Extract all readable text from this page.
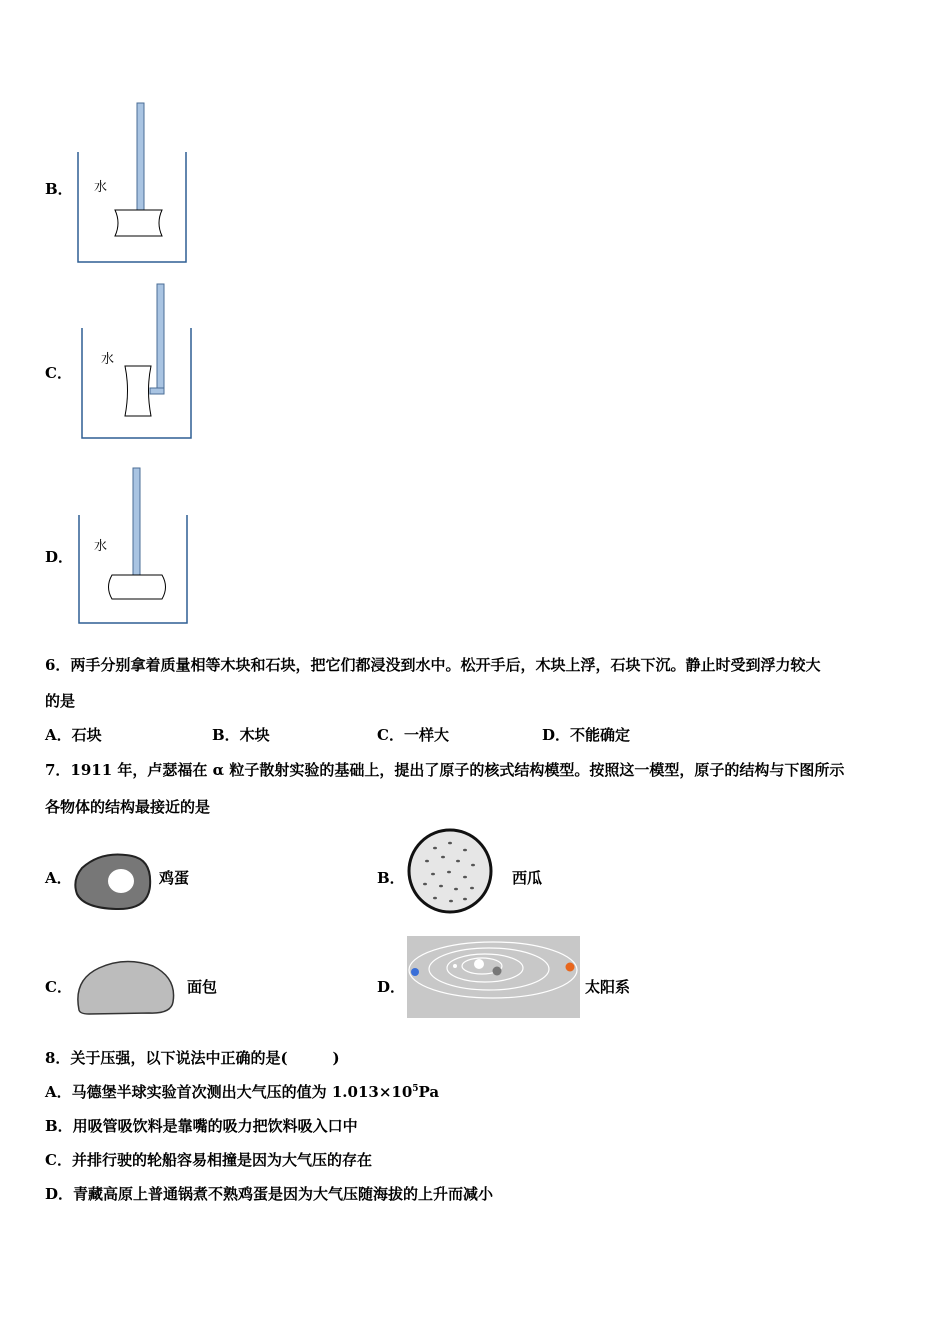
B． 水
C．
水
D．
水
6．两手分别拿着质量相等木块和石块，把它们都浸没到水中。松开手后，木块上浮，石块下沉。静止时受到浮力较大
的是
A．石块	B．木块	C．一样大	D．不能确定
7．1911 年，卢瑟福在 α 粒子散射实验的基础上，提出了原子的核式结构模型。按照这一模型，原子的结构与下图所示
各物体的结构最接近的是
A．	鸡蛋	B．	西瓜
C．	面包	D．	太阳系
8．关于压强，以下说法中正确的是(　　　)
A．马德堡半球实验首次测出大气压的值为 $1.013\times 10^5Pa$
B．用吸管吸饮料是靠嘴的吸力把饮料吸入口中
C．并排行驶的轮船容易相撞是因为大气压的存在
D．青藏高原上普通锅煮不熟鸡蛋是因为大气压随海拔的上升而减小
